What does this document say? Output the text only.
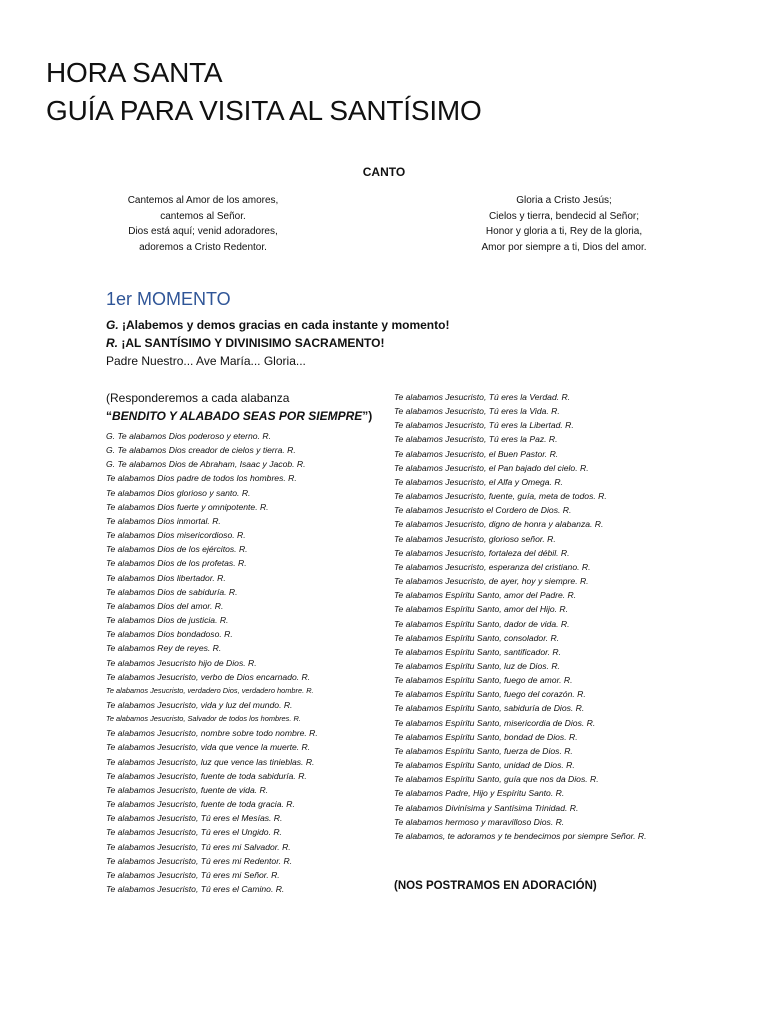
HORA SANTA
GUÍA PARA VISITA AL SANTÍSIMO
CANTO
Cantemos al Amor de los amores,
cantemos al Señor.
Dios está aquí; venid adoradores,
adoremos a Cristo Redentor.
Gloria a Cristo Jesús;
Cielos y tierra, bendecid al Señor;
Honor y gloria a ti, Rey de la gloria,
Amor por siempre a ti, Dios del amor.
1er MOMENTO
G. ¡Alabemos y demos gracias en cada instante y momento!
R. ¡AL SANTÍSIMO Y DIVINISIMO SACRAMENTO!
Padre Nuestro... Ave María... Gloria...
(Responderemos a cada alabanza
“BENDITO Y ALABADO SEAS POR SIEMPRE”)
G. Te alabamos Dios poderoso y eterno. R.
G. Te alabamos Dios creador de cielos y tierra. R.
G. Te alabamos Dios de Abraham, Isaac y Jacob. R.
Te alabamos Dios padre de todos los hombres. R.
Te alabamos Dios glorioso y santo. R.
Te alabamos Dios fuerte y omnipotente. R.
Te alabamos Dios inmortal. R.
Te alabamos Dios misericordioso. R.
Te alabamos Dios de los ejércitos. R.
Te alabamos Dios de los profetas. R.
Te alabamos Dios libertador. R.
Te alabamos Dios de sabiduría. R.
Te alabamos Dios del amor. R.
Te alabamos Dios de justicia. R.
Te alabamos Dios bondadoso. R.
Te alabamos Rey de reyes. R.
Te alabamos Jesucristo hijo de Dios. R.
Te alabamos Jesucristo, verbo de Dios encarnado. R.
Te alabamos Jesucristo, verdadero Dios, verdadero hombre. R.
Te alabamos Jesucristo, vida y luz del mundo. R.
Te alabamos Jesucristo, Salvador de todos los hombres. R.
Te alabamos Jesucristo, nombre sobre todo nombre. R.
Te alabamos Jesucristo, vida que vence la muerte. R.
Te alabamos Jesucristo, luz que vence las tinieblas. R.
Te alabamos Jesucristo, fuente de toda sabiduría. R.
Te alabamos Jesucristo, fuente de vida. R.
Te alabamos Jesucristo, fuente de toda gracia. R.
Te alabamos Jesucristo, Tú eres el Mesías. R.
Te alabamos Jesucristo, Tú eres el Ungido. R.
Te alabamos Jesucristo, Tú eres mi Salvador. R.
Te alabamos Jesucristo, Tú eres mi Redentor. R.
Te alabamos Jesucristo, Tú eres mi Señor. R.
Te alabamos Jesucristo, Tú eres el Camino. R.
Te alabamos Jesucristo, Tú eres la Verdad. R.
Te alabamos Jesucristo, Tú eres la Vida. R.
Te alabamos Jesucristo, Tú eres la Libertad. R.
Te alabamos Jesucristo, Tú eres la Paz. R.
Te alabamos Jesucristo, el Buen Pastor. R.
Te alabamos Jesucristo, el Pan bajado del cielo. R.
Te alabamos Jesucristo, el Alfa y Omega. R.
Te alabamos Jesucristo, fuente, guía, meta de todos. R.
Te alabamos Jesucristo el Cordero de Dios. R.
Te alabamos Jesucristo, digno de honra y alabanza. R.
Te alabamos Jesucristo, glorioso señor. R.
Te alabamos Jesucristo, fortaleza del débil. R.
Te alabamos Jesucristo, esperanza del cristiano. R.
Te alabamos Jesucristo, de ayer, hoy y siempre. R.
Te alabamos Espíritu Santo, amor del Padre. R.
Te alabamos Espíritu Santo, amor del Hijo. R.
Te alabamos Espíritu Santo, dador de vida. R.
Te alabamos Espíritu Santo, consolador. R.
Te alabamos Espíritu Santo, santificador. R.
Te alabamos Espíritu Santo, luz de Dios. R.
Te alabamos Espíritu Santo, fuego de amor. R.
Te alabamos Espíritu Santo, fuego del corazón. R.
Te alabamos Espíritu Santo, sabiduría de Dios. R.
Te alabamos Espíritu Santo, misericordia de Dios. R.
Te alabamos Espíritu Santo, bondad de Dios. R.
Te alabamos Espíritu Santo, fuerza de Dios. R.
Te alabamos Espíritu Santo, unidad de Dios. R.
Te alabamos Espíritu Santo, guía que nos da Dios. R.
Te alabamos Padre, Hijo y Espíritu Santo. R.
Te alabamos Divinísima y Santísima Trinidad. R.
Te alabamos hermoso y maravilloso Dios. R.
Te alabamos, te adoramos y te bendecimos por siempre Señor. R.
(NOS POSTRAMOS EN ADORACIÓN)
